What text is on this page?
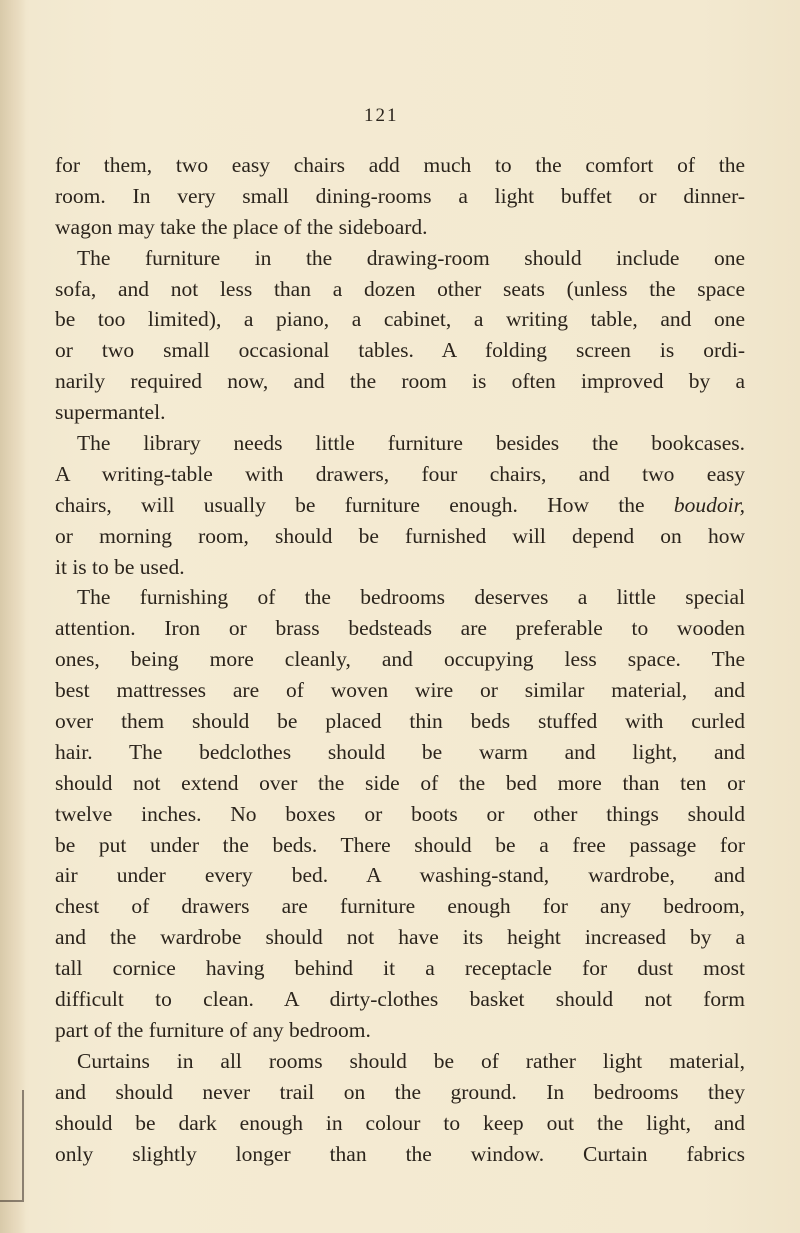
121
for them, two easy chairs add much to the comfort of the
room. In very small dining-rooms a light buffet or dinner-
wagon may take the place of the sideboard.
The furniture in the drawing-room should include one
sofa, and not less than a dozen other seats (unless the space
be too limited), a piano, a cabinet, a writing table, and one
or two small occasional tables. A folding screen is ordi-
narily required now, and the room is often improved by a
supermantel.
The library needs little furniture besides the bookcases.
A writing-table with drawers, four chairs, and two easy
chairs, will usually be furniture enough. How the boudoir,
or morning room, should be furnished will depend on how
it is to be used.
The furnishing of the bedrooms deserves a little special
attention. Iron or brass bedsteads are preferable to wooden
ones, being more cleanly, and occupying less space. The
best mattresses are of woven wire or similar material, and
over them should be placed thin beds stuffed with curled
hair. The bedclothes should be warm and light, and
should not extend over the side of the bed more than ten or
twelve inches. No boxes or boots or other things should
be put under the beds. There should be a free passage for
air under every bed. A washing-stand, wardrobe, and
chest of drawers are furniture enough for any bedroom,
and the wardrobe should not have its height increased by a
tall cornice having behind it a receptacle for dust most
difficult to clean. A dirty-clothes basket should not form
part of the furniture of any bedroom.
Curtains in all rooms should be of rather light material,
and should never trail on the ground. In bedrooms they
should be dark enough in colour to keep out the light, and
only slightly longer than the window. Curtain fabrics
